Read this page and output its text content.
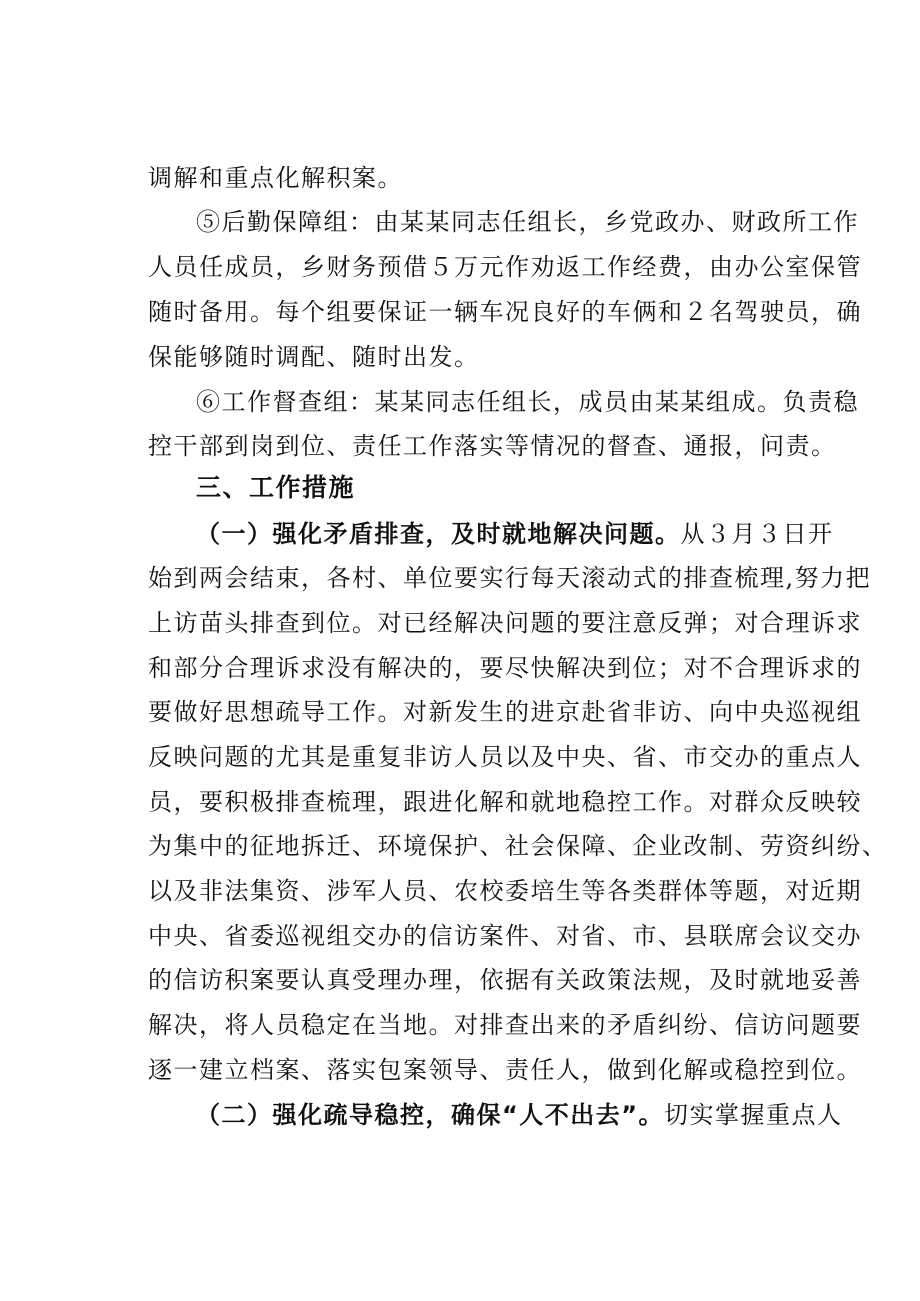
调解和重点化解积案。
⑤后勤保障组：由某某同志任组长，乡党政办、财政所工作
人员任成员，乡财务预借５万元作劝返工作经费，由办公室保管
随时备用。每个组要保证一辆车况良好的车俩和２名驾驶员，确
保能够随时调配、随时出发。
⑥工作督查组：某某同志任组长，成员由某某组成。负责稳
控干部到岗到位、责任工作落实等情况的督查、通报，问责。
三、工作措施
（一）强化矛盾排查，及时就地解决问题。从３月３日开
始到两会结束，各村、单位要实行每天滚动式的排查梳理,努力把
上访苗头排查到位。对已经解决问题的要注意反弹；对合理诉求
和部分合理诉求没有解决的，要尽快解决到位；对不合理诉求的
要做好思想疏导工作。对新发生的进京赴省非访、向中央巡视组
反映问题的尤其是重复非访人员以及中央、省、市交办的重点人
员，要积极排查梳理，跟进化解和就地稳控工作。对群众反映较
为集中的征地拆迁、环境保护、社会保障、企业改制、劳资纠纷、
以及非法集资、涉军人员、农校委培生等各类群体等题，对近期
中央、省委巡视组交办的信访案件、对省、市、县联席会议交办
的信访积案要认真受理办理，依据有关政策法规，及时就地妥善
解决，将人员稳定在当地。对排查出来的矛盾纠纷、信访问题要
逐一建立档案、落实包案领导、责任人，做到化解或稳控到位。
（二）强化疏导稳控，确保“人不出去”。切实掌握重点人
